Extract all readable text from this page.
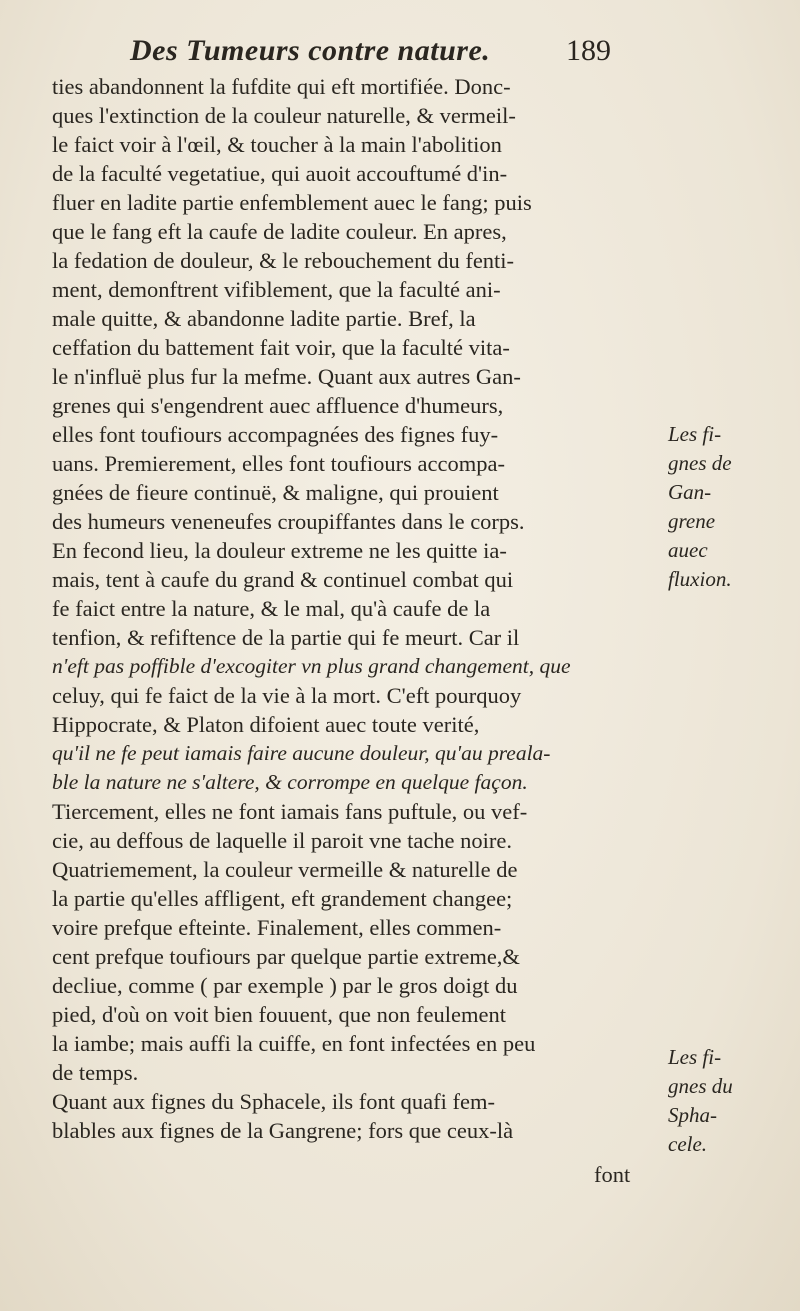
Des Tumeurs contre nature.	189
ties abandonnent la fufdite qui eft mortifiée. Donc-
ques l'extinction de la couleur naturelle, & vermeil-
le faict voir à l'œil, & toucher à la main l'abolition
de la faculté vegetatiue, qui auoit accouftumé d'in-
fluer en ladite partie enfemblement auec le fang; puis
que le fang eft la caufe de ladite couleur. En apres,
la fedation de douleur, & le rebouchement du fenti-
ment, demonftrent vifiblement, que la faculté ani-
male quitte, & abandonne ladite partie. Bref, la
ceffation du battement fait voir, que la faculté vita-
le n'influë plus fur la mefme. Quant aux autres Gan-
grenes qui s'engendrent auec affluence d'humeurs,
elles font toufiours accompagnées des fignes fuy-
uans. Premierement, elles font toufiours accompa-
gnées de fieure continuë, & maligne, qui prouient
des humeurs veneneufes croupiffantes dans le corps.
En fecond lieu, la douleur extreme ne les quitte ia-
mais, tent à caufe du grand & continuel combat qui
fe faict entre la nature, & le mal, qu'à caufe de la
tenfion, & refiftence de la partie qui fe meurt. Car il
n'eft pas poffible d'excogiter vn plus grand changement, que
celuy, qui fe faict de la vie à la mort. C'eft pourquoy
Hippocrate, & Platon difoient auec toute verité,
qu'il ne fe peut iamais faire aucune douleur, qu'au preala-
ble la nature ne s'altere, & corrompe en quelque façon.
Tiercement, elles ne font iamais fans puftule, ou vef-
cie, au deffous de laquelle il paroit vne tache noire.
Quatriemement, la couleur vermeille & naturelle de
la partie qu'elles affligent, eft grandement changee;
voire prefque efteinte. Finalement, elles commen-
cent prefque toufiours par quelque partie extreme,&
decliue, comme ( par exemple ) par le gros doigt du
pied, d'où on voit bien fouuent, que non feulement
la iambe; mais auffi la cuiffe, en font infectées en peu
de temps.
Quant aux fignes du Sphacele, ils font quafi fem-
blables aux fignes de la Gangrene; fors que ceux-là
Les fi-
gnes de
Gan-
grene
auec
fluxion.
Les fi-
gnes du
Spha-
cele.
font
